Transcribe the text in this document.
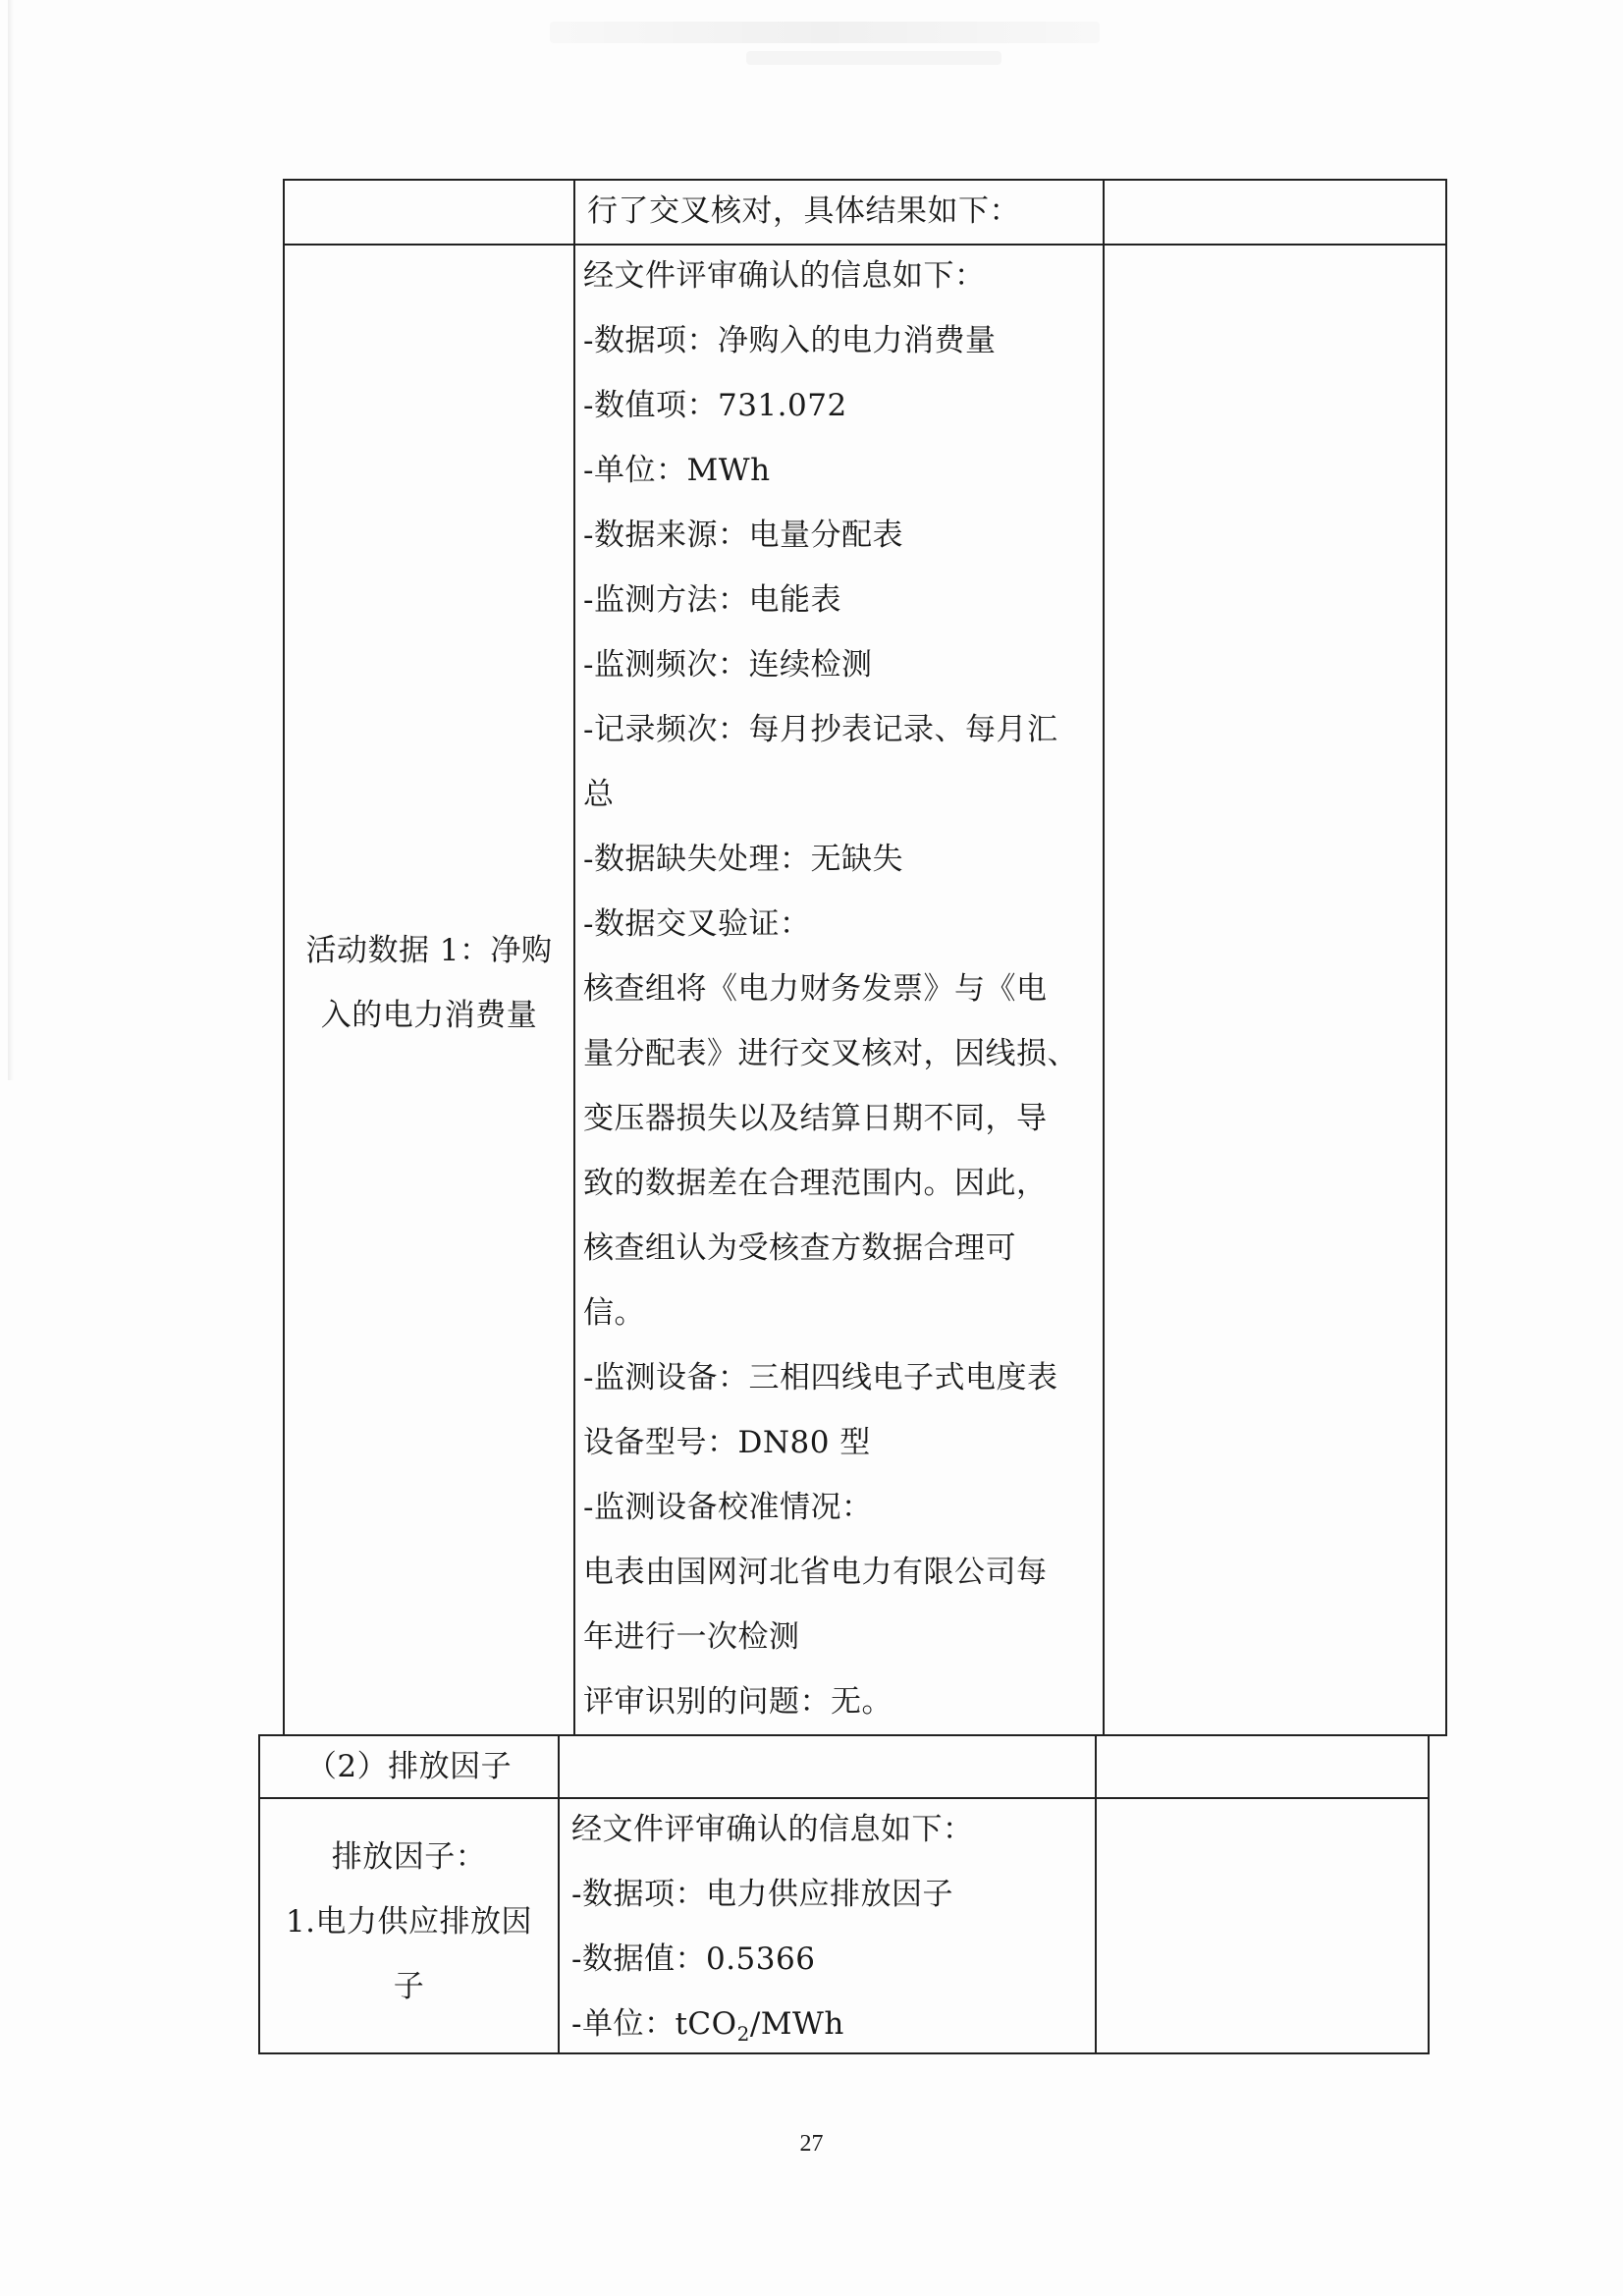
行了交叉核对，具体结果如下：
活动数据 1：净购
入的电力消费量
经文件评审确认的信息如下：
-数据项：净购入的电力消费量
-数值项：731.072
-单位：MWh
-数据来源：电量分配表
-监测方法：电能表
-监测频次：连续检测
-记录频次：每月抄表记录、每月汇
总
-数据缺失处理：无缺失
-数据交叉验证：
核查组将《电力财务发票》与《电
量分配表》进行交叉核对，因线损、
变压器损失以及结算日期不同，导
致的数据差在合理范围内。因此，
核查组认为受核查方数据合理可
信。
-监测设备：三相四线电子式电度表
设备型号：DN80 型
-监测设备校准情况：
电表由国网河北省电力有限公司每
年进行一次检测
评审识别的问题：无。
（2）排放因子
排放因子：
1.电力供应排放因
子
经文件评审确认的信息如下：
-数据项：电力供应排放因子
-数据值：0.5366
-单位：tCO$_2$/MWh
27
